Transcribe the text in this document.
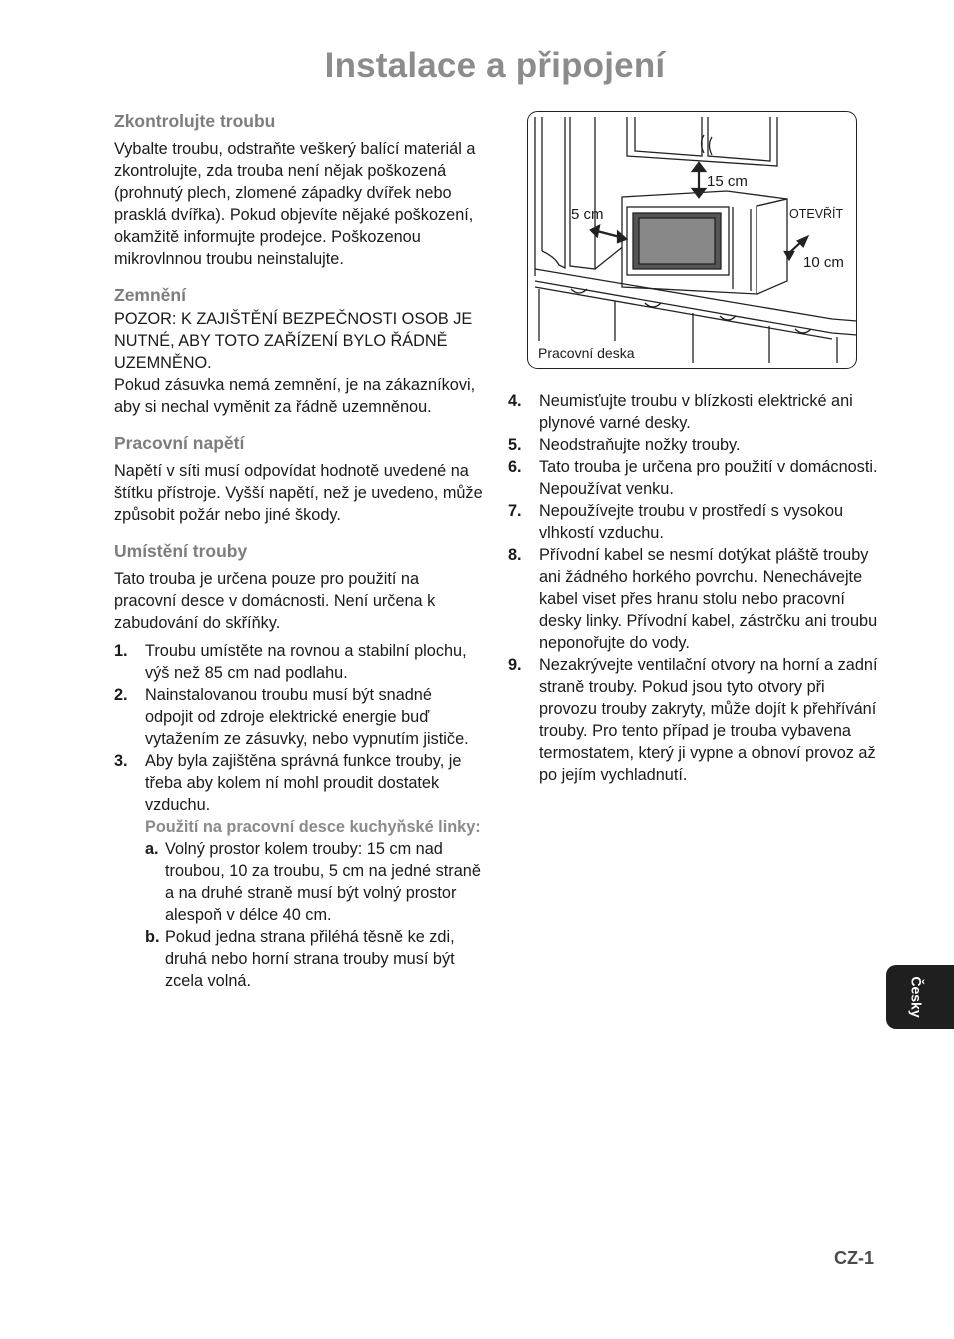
Instalace a připojení
Zkontrolujte troubu

Vybalte troubu, odstraňte veškerý balící materiál a zkontrolujte, zda trouba není nějak poškozená (prohnutý plech, zlomené západky dvířek nebo prasklá dvířka). Pokud objevíte nějaké poškození, okamžitě informujte prodejce. Poškozenou mikrovlnnou troubu neinstalujte.

Zemnění

POZOR: K ZAJIŠTĚNÍ BEZPEČNOSTI OSOB JE NUTNÉ, ABY TOTO ZAŘÍZENÍ BYLO ŘÁDNĚ UZEMNĚNO.

Pokud zásuvka nemá zemnění, je na zákazníkovi, aby si nechal vyměnit za řádně uzemněnou.

Pracovní napětí

Napětí v síti musí odpovídat hodnotě uvedené na štítku přístroje. Vyšší napětí, než je uvedeno, může způsobit požár nebo jiné škody.

Umístění trouby

Tato trouba je určena pouze pro použití na pracovní desce v domácnosti. Není určena k zabudování do skříňky.

1. Troubu umístěte na rovnou a stabilní plochu, výš než 85 cm nad podlahu.
2. Nainstalovanou troubu musí být snadné odpojit od zdroje elektrické energie buď vytažením ze zásuvky, nebo vypnutím jističe.
3. Aby byla zajištěna správná funkce trouby, je třeba aby kolem ní mohl proudit dostatek vzduchu.
Použití na pracovní desce kuchyňské linky:
a. Volný prostor kolem trouby: 15 cm nad troubou, 10 za troubu, 5 cm na jedné straně a na druhé straně musí být volný prostor alespoň v délce 40 cm.
b. Pokud jedna strana přiléhá těsně ke zdi, druhá nebo horní strana trouby musí být zcela volná.
15 cm
5 cm	OTEVŘÍT
10 cm
Pracovní deska
4. Neumisťujte troubu v blízkosti elektrické ani plynové varné desky.
5. Neodstraňujte nožky trouby.
6. Tato trouba je určena pro použití v domácnosti. Nepoužívat venku.
7. Nepoužívejte troubu v prostředí s vysokou vlhkostí vzduchu.
8. Přívodní kabel se nesmí dotýkat pláště trouby ani žádného horkého povrchu. Nenechávejte kabel viset přes hranu stolu nebo pracovní desky linky. Přívodní kabel, zástrčku ani troubu neponořujte do vody.
9. Nezakrývejte ventilační otvory na horní a zadní straně trouby. Pokud jsou tyto otvory při provozu trouby zakryty, může dojít k přehřívání trouby. Pro tento případ je trouba vybavena termostatem, který ji vypne a obnoví provoz až po jejím vychladnutí.
Česky
CZ-1
